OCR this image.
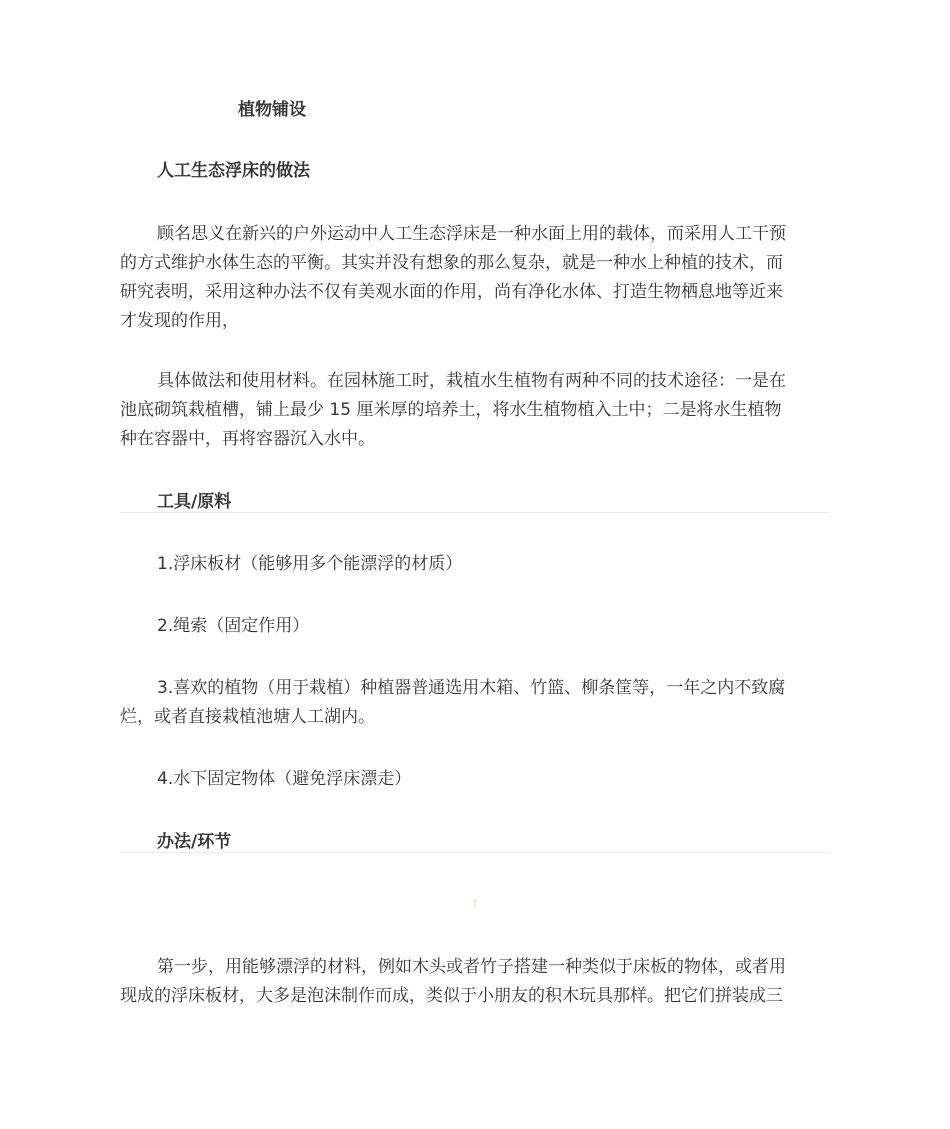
植物铺设
人工生态浮床的做法
顾名思义在新兴的户外运动中人工生态浮床是一种水面上用的载体，而采用人工干预
的方式维护水体生态的平衡。其实并没有想象的那么复杂，就是一种水上种植的技术，而
研究表明，采用这种办法不仅有美观水面的作用，尚有净化水体、打造生物栖息地等近来
才发现的作用，
具体做法和使用材料。在园林施工时，栽植水生植物有两种不同的技术途径：一是在
池底砌筑栽植槽，铺上最少 15 厘米厚的培养土，将水生植物植入土中；二是将水生植物
种在容器中，再将容器沉入水中。
工具/原料
1.浮床板材（能够用多个能漂浮的材质）
2.绳索（固定作用）
3.喜欢的植物（用于栽植）种植器普通选用木箱、竹篮、柳条筐等，一年之内不致腐
烂，或者直接栽植池塘人工湖内。
4.水下固定物体（避免浮床漂走）
办法/环节
†
第一步，用能够漂浮的材料，例如木头或者竹子搭建一种类似于床板的物体，或者用
现成的浮床板材，大多是泡沫制作而成，类似于小朋友的积木玩具那样。把它们拼装成三
